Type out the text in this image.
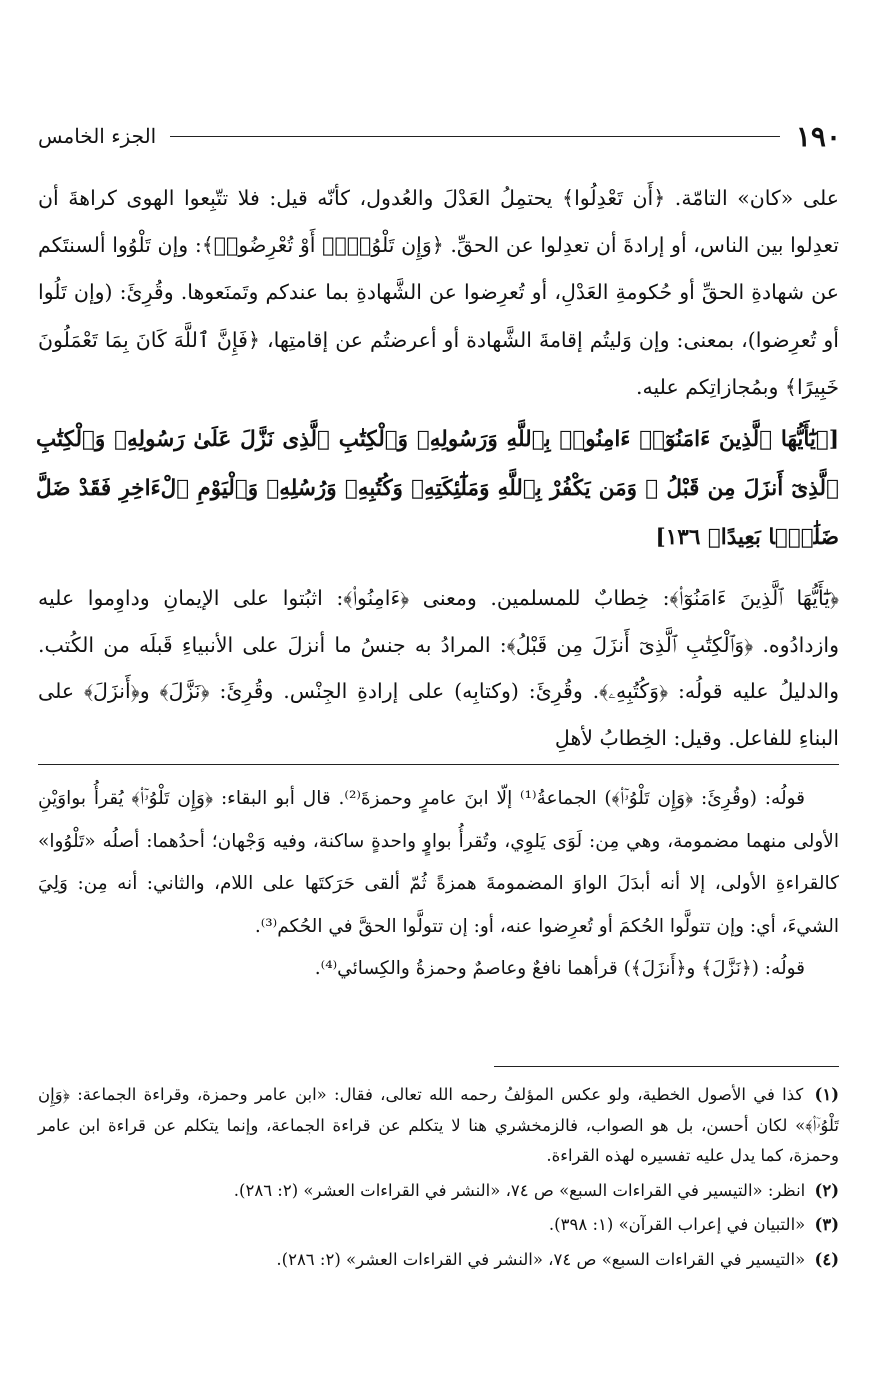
١٩٠
الجزء الخامس

على «كان» التامّة. ﴿أَن تَعْدِلُوا﴾ يحتمِلُ العَدْلَ والعُدول، كأنّه قيل: فلا تتّبِعوا الهوى كراهةَ أن تعدِلوا بين الناس، أو إرادةَ أن تعدِلوا عن الحقِّ. ﴿وَإِن تَلْوُۥٓا۟ أَوْ تُعْرِضُوا۟﴾: وإن تَلْوُوا ألسنتَكم عن شهادةِ الحقِّ أو حُكومةِ العَدْلِ، أو تُعرِضوا عن الشَّهادةِ بما عندكم وتَمنَعوها. وقُرِئَ: (وإن تَلُوا أو تُعرِضوا)، بمعنى: وإن وَليتُم إقامةَ الشَّهادة أو أعرضتُم عن إقامتِها، ﴿فَإِنَّ ٱللَّهَ كَانَ بِمَا تَعْمَلُونَ خَبِيرًا﴾ وبمُجازاتِكم عليه.

[﴿يَٰٓأَيُّهَا ٱلَّذِينَ ءَامَنُوٓا۟ ءَامِنُوا۟ بِٱللَّهِ وَرَسُولِهِۦ وَٱلْكِتَٰبِ ٱلَّذِى نَزَّلَ عَلَىٰ رَسُولِهِۦ وَٱلْكِتَٰبِ ٱلَّذِىٓ أَنزَلَ مِن قَبْلُ ۚ وَمَن يَكْفُرْ بِٱللَّهِ وَمَلَٰٓئِكَتِهِۦ وَكُتُبِهِۦ وَرُسُلِهِۦ وَٱلْيَوْمِ ٱلْءَاخِرِ فَقَدْ ضَلَّ ضَلَٰلًۢا بَعِيدًا﴾ ١٣٦]

﴿يَٰٓأَيُّهَا ٱلَّذِينَ ءَامَنُوٓا۟﴾: خِطابٌ للمسلمين. ومعنى ﴿ءَامِنُوا۟﴾: اثبُتوا على الإيمانِ وداوِموا عليه وازدادُوه. ﴿وَٱلْكِتَٰبِ ٱلَّذِىٓ أَنزَلَ مِن قَبْلُ﴾: المرادُ به جنسُ ما أنزلَ على الأنبياءِ قَبلَه من الكُتب. والدليلُ عليه قولُه: ﴿وَكُتُبِهِۦ﴾. وقُرِئَ: (وكتابِه) على إرادةِ الجِنْس. وقُرِئَ: ﴿نَزَّلَ﴾ و﴿أَنزَلَ﴾ على البناءِ للفاعل. وقيل: الخِطابُ لأهلِ

قولُه: (وقُرِئَ: ﴿وَإِن تَلْوُۥٓا۟﴾) الجماعةُ⁽¹⁾ إلّا ابنَ عامرٍ وحمزةَ⁽²⁾. قال أبو البقاء: ﴿وَإِن تَلْوُۥٓا۟﴾ يُقرأُ بواوَيْنِ الأولى منهما مضمومة، وهي مِن: لَوَى يَلوِي، وتُقرأُ بواوٍ واحدةٍ ساكنة، وفيه وَجْهان؛ أحدُهما: أصلُه «تَلْوُوا» كالقراءةِ الأولى، إلا أنه أبدَلَ الواوَ المضمومةَ همزةً ثُمّ ألقى حَرَكتَها على اللام، والثاني: أنه مِن: وَلِيَ الشيءَ، أي: وإن تتولَّوا الحُكمَ أو تُعرِضوا عنه، أو: إن تتولَّوا الحقَّ في الحُكم⁽³⁾.

قولُه: (﴿نَزَّلَ﴾ و﴿أَنزَلَ﴾) قرأهما نافعٌ وعاصمٌ وحمزةُ والكِسائي⁽⁴⁾.

(١) كذا في الأصول الخطية، ولو عكس المؤلفُ رحمه الله تعالى، فقال: «ابن عامر وحمزة، وقراءة الجماعة: ﴿وَإِن تَلْوُۥٓا۟﴾» لكان أحسن، بل هو الصواب، فالزمخشري هنا لا يتكلم عن قراءة الجماعة، وإنما يتكلم عن قراءة ابن عامر وحمزة، كما يدل عليه تفسيره لهذه القراءة.

(٢) انظر: «التيسير في القراءات السبع» ص ٧٤، «النشر في القراءات العشر» (٢: ٢٨٦).

(٣) «التبيان في إعراب القرآن» (١: ٣٩٨).

(٤) «التيسير في القراءات السبع» ص ٧٤، «النشر في القراءات العشر» (٢: ٢٨٦).
